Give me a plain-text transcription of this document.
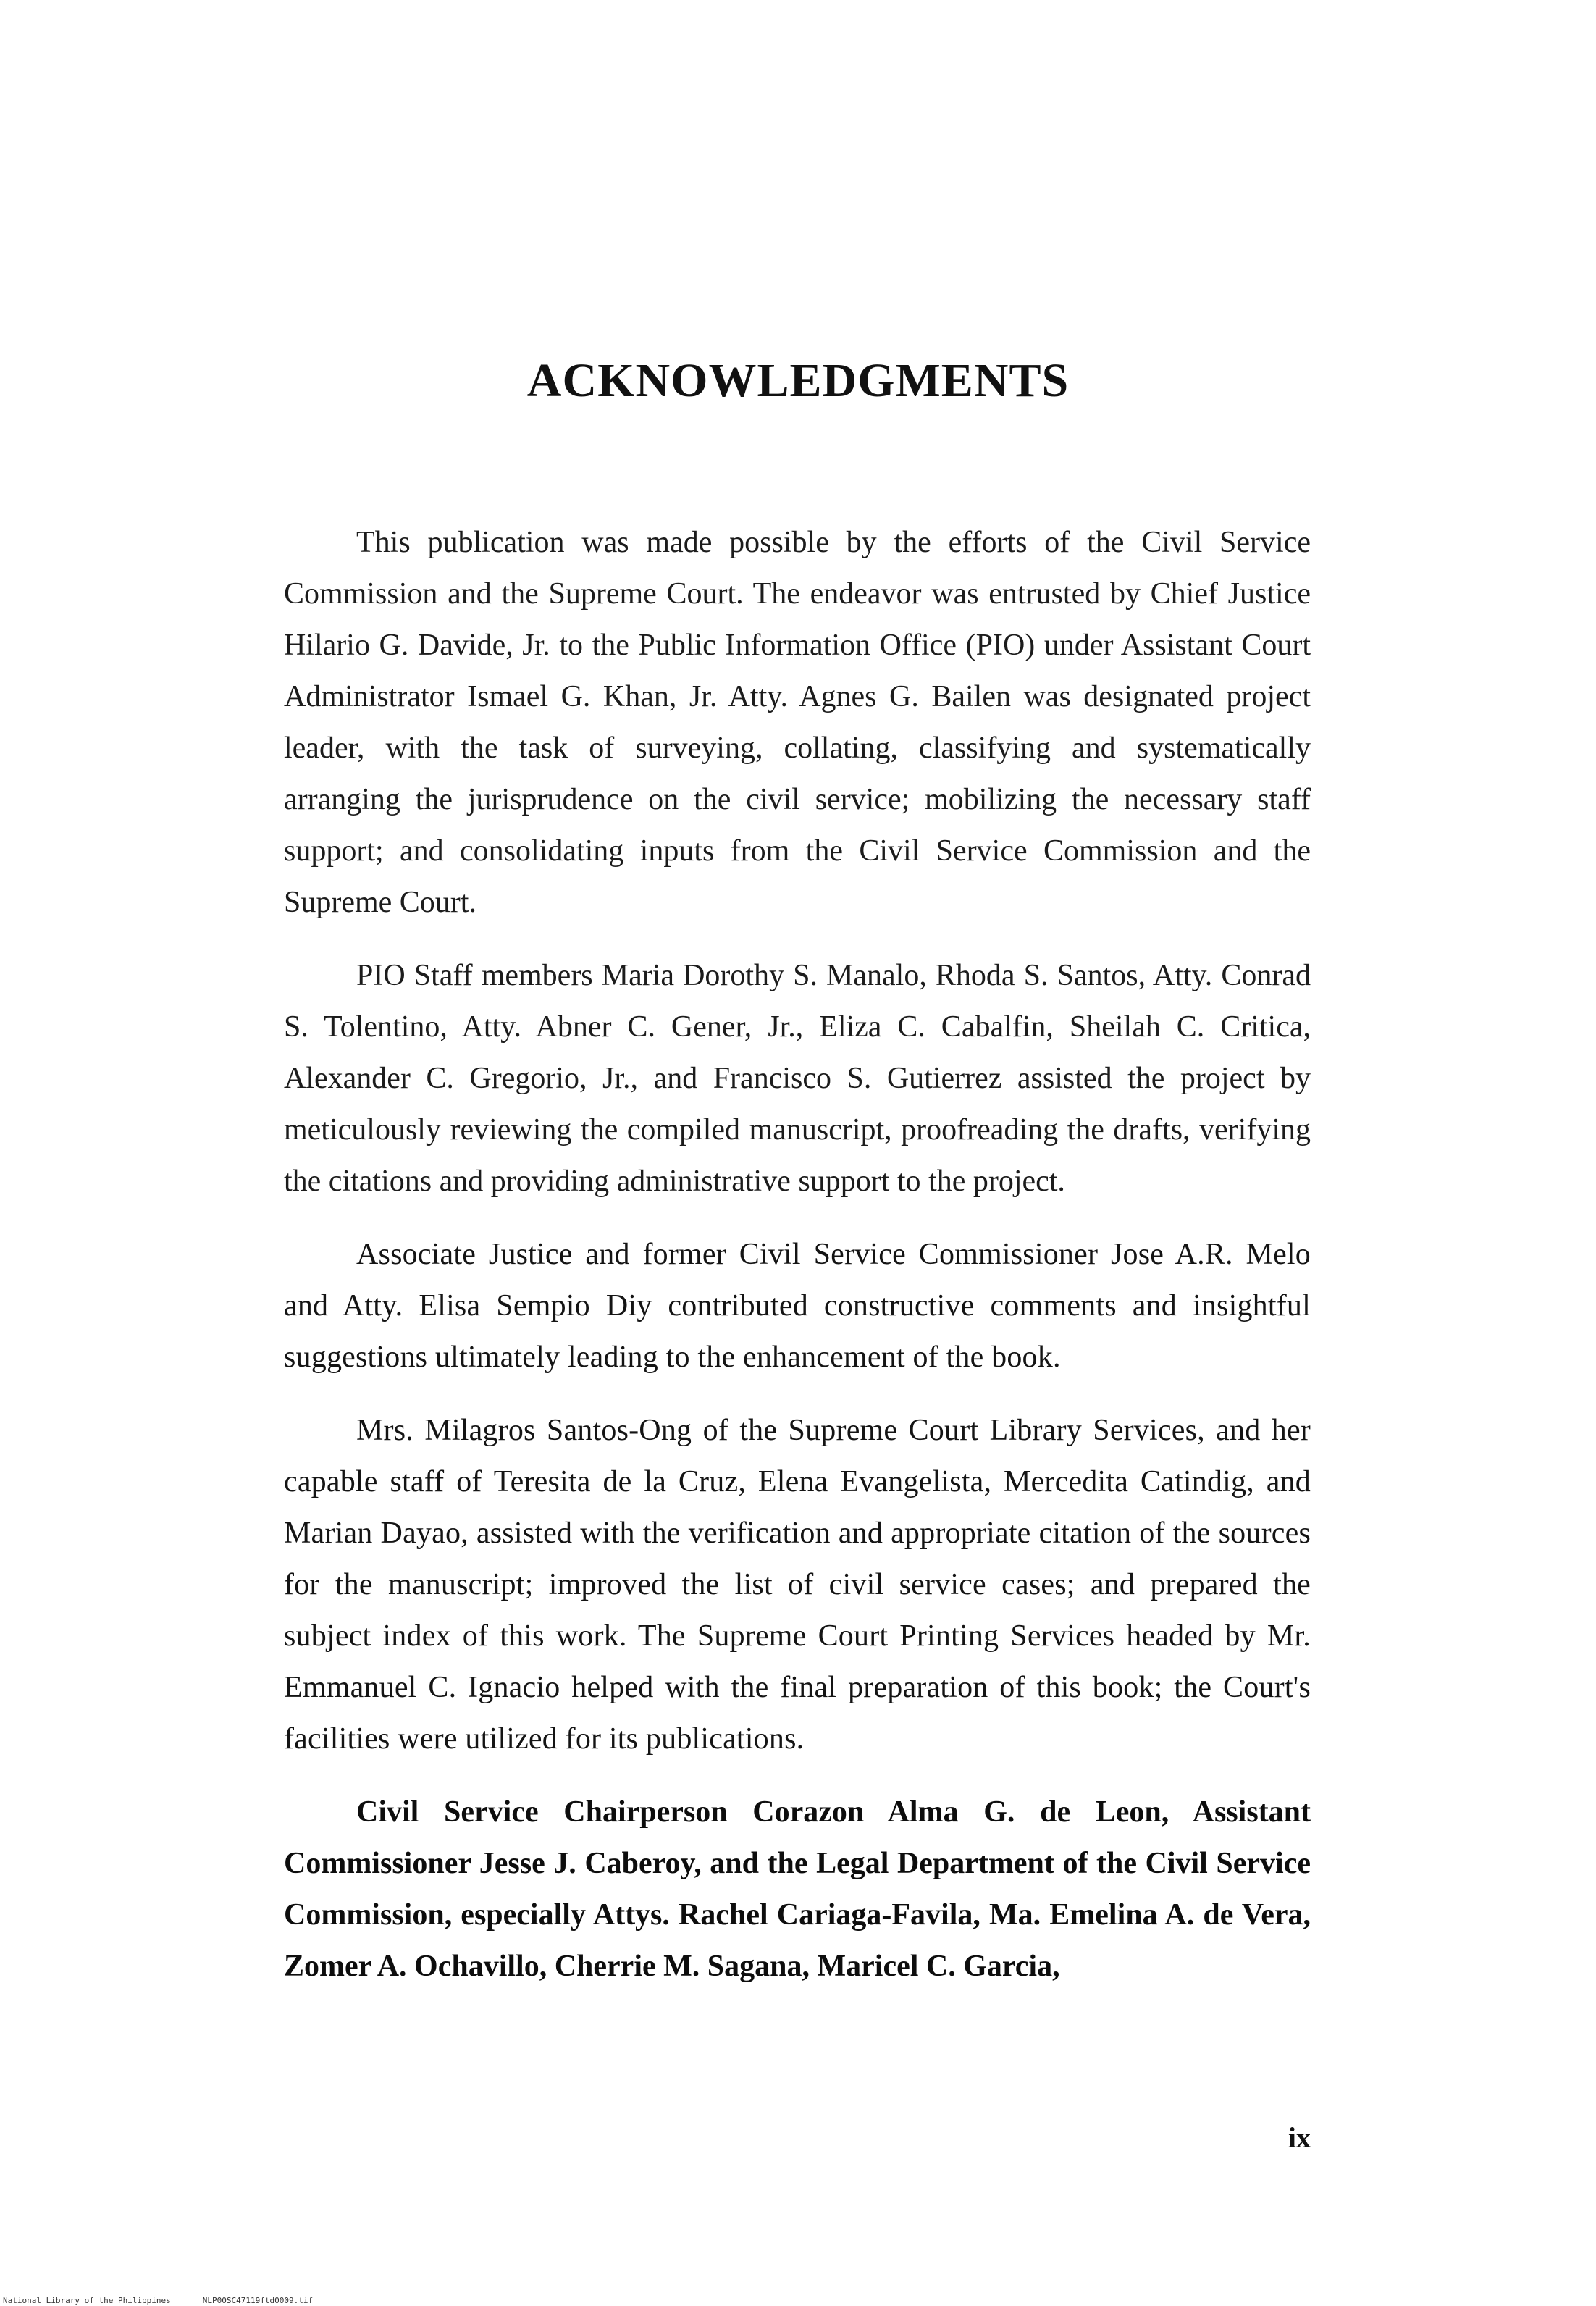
ACKNOWLEDGMENTS

This publication was made possible by the efforts of the Civil Service Commission and the Supreme Court. The endeavor was entrusted by Chief Justice Hilario G. Davide, Jr. to the Public Information Office (PIO) under Assistant Court Administrator Ismael G. Khan, Jr. Atty. Agnes G. Bailen was designated project leader, with the task of surveying, collating, classifying and systematically arranging the jurisprudence on the civil service; mobilizing the necessary staff support; and consolidating inputs from the Civil Service Commission and the Supreme Court.

PIO Staff members Maria Dorothy S. Manalo, Rhoda S. Santos, Atty. Conrad S. Tolentino, Atty. Abner C. Gener, Jr., Eliza C. Cabalfin, Sheilah C. Critica, Alexander C. Gregorio, Jr., and Francisco S. Gutierrez assisted the project by meticulously reviewing the compiled manuscript, proofreading the drafts, verifying the citations and providing administrative support to the project.

Associate Justice and former Civil Service Commissioner Jose A.R. Melo and Atty. Elisa Sempio Diy contributed constructive comments and insightful suggestions ultimately leading to the enhancement of the book.

Mrs. Milagros Santos-Ong of the Supreme Court Library Services, and her capable staff of Teresita de la Cruz, Elena Evangelista, Mercedita Catindig, and Marian Dayao, assisted with the verification and appropriate citation of the sources for the manuscript; improved the list of civil service cases; and prepared the subject index of this work. The Supreme Court Printing Services headed by Mr. Emmanuel C. Ignacio helped with the final preparation of this book; the Court's facilities were utilized for its publications.

Civil Service Chairperson Corazon Alma G. de Leon, Assistant Commissioner Jesse J. Caberoy, and the Legal Department of the Civil Service Commission, especially Attys. Rachel Cariaga-Favila, Ma. Emelina A. de Vera, Zomer A. Ochavillo, Cherrie M. Sagana, Maricel C. Garcia,

ix
National Library of the Philippines	NLP00SC47119ftd0009.tif
